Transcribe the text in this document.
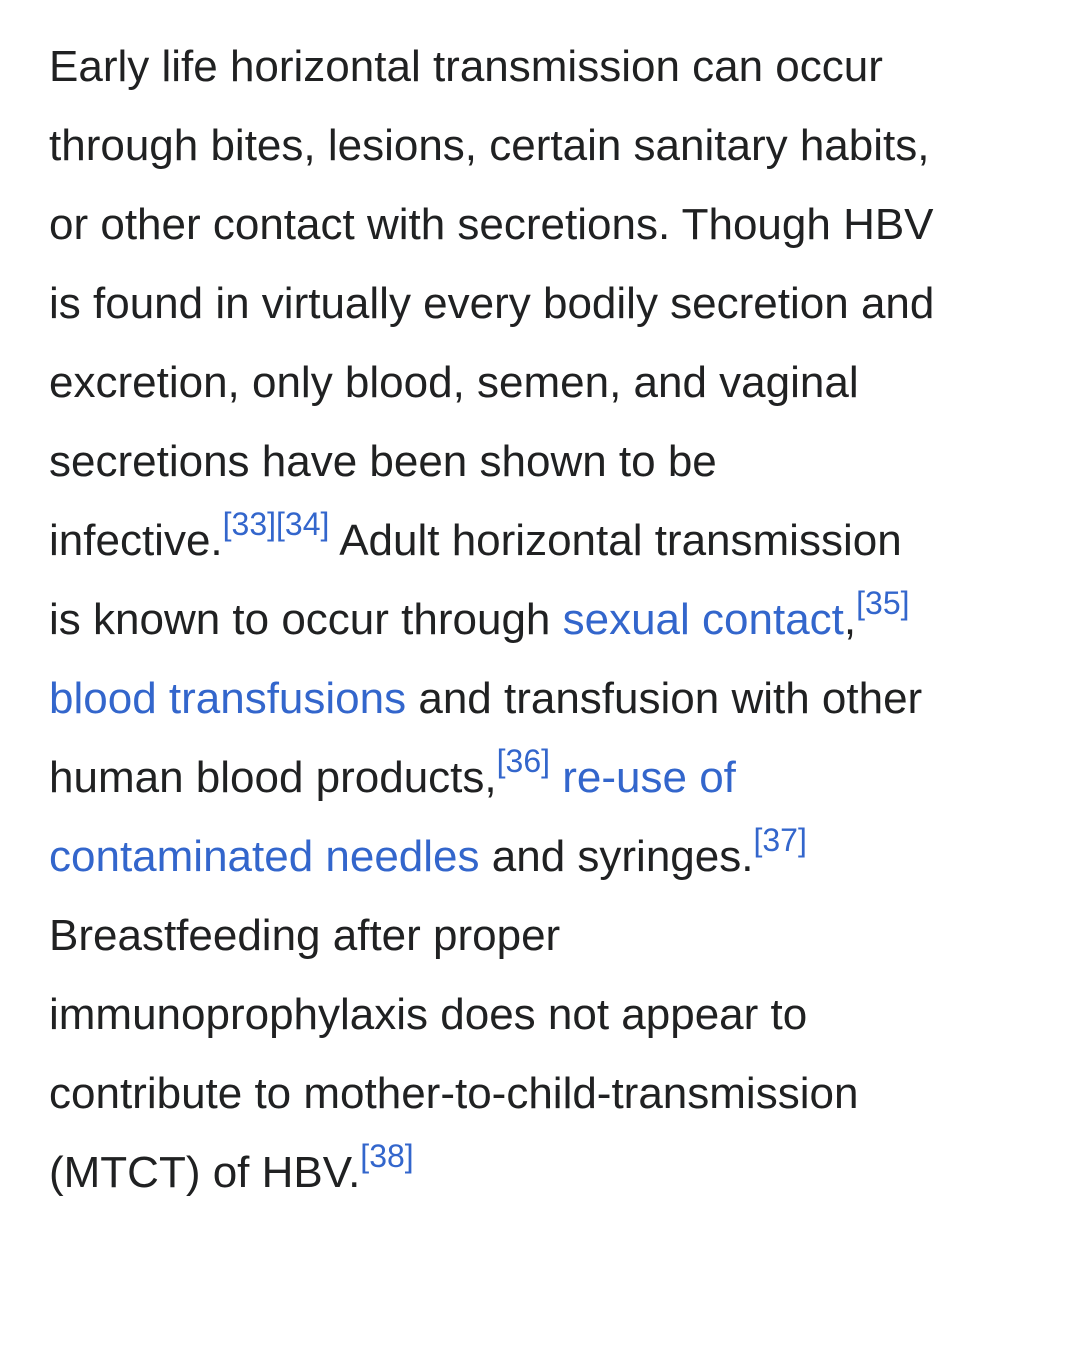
Early life horizontal transmission can occur
through bites, lesions, certain sanitary habits,
or other contact with secretions. Though HBV
is found in virtually every bodily secretion and
excretion, only blood, semen, and vaginal
secretions have been shown to be
infective.[33][34] Adult horizontal transmission
is known to occur through sexual contact,[35]
blood transfusions and transfusion with other
human blood products,[36] re-use of
contaminated needles and syringes.[37]
Breastfeeding after proper
immunoprophylaxis does not appear to
contribute to mother-to-child-transmission
(MTCT) of HBV.[38]
